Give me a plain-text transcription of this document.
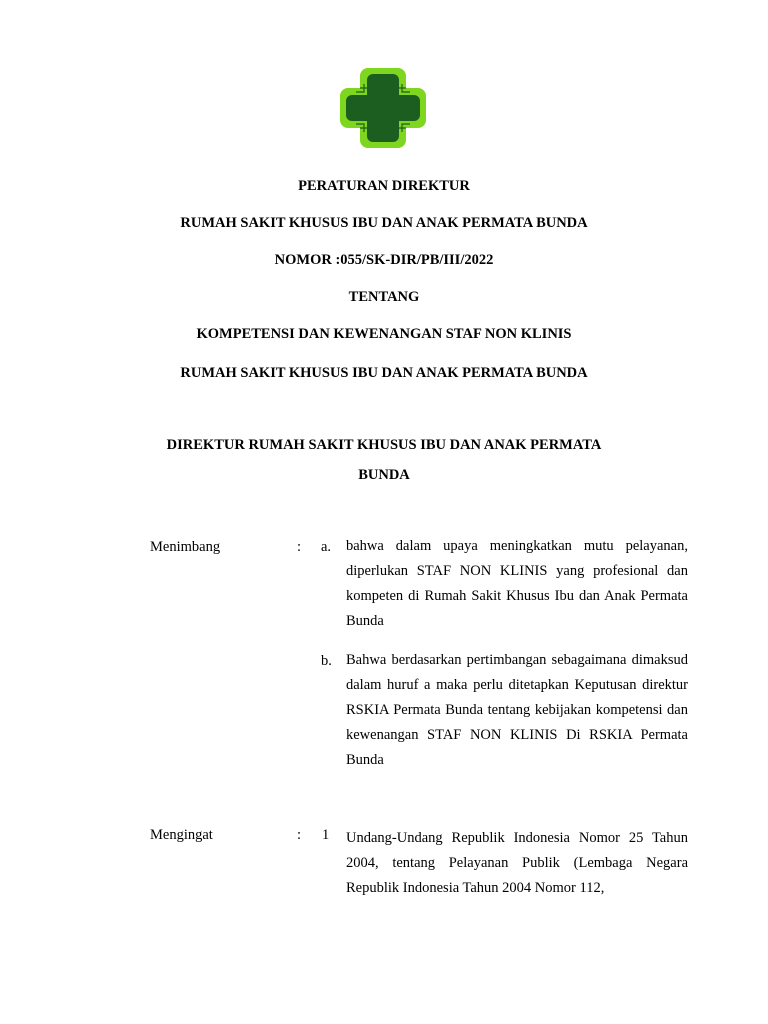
PERATURAN DIREKTUR
RUMAH SAKIT KHUSUS IBU DAN ANAK PERMATA BUNDA
NOMOR :055/SK-DIR/PB/III/2022
TENTANG
KOMPETENSI DAN KEWENANGAN STAF NON KLINIS
RUMAH SAKIT KHUSUS IBU DAN ANAK PERMATA BUNDA
DIREKTUR RUMAH SAKIT KHUSUS IBU DAN ANAK PERMATA BUNDA
Menimbang	: a. bahwa dalam upaya meningkatkan mutu pelayanan, diperlukan STAF NON KLINIS yang profesional dan kompeten di Rumah Sakit Khusus Ibu dan Anak Permata Bunda
b. Bahwa berdasarkan pertimbangan sebagaimana dimaksud dalam huruf a maka perlu ditetapkan Keputusan direktur RSKIA Permata Bunda tentang kebijakan kompetensi dan kewenangan STAF NON KLINIS Di RSKIA Permata Bunda
Mengingat	: 1 Undang-Undang Republik Indonesia Nomor 25 Tahun 2004, tentang Pelayanan Publik (Lembaga Negara Republik Indonesia Tahun 2004 Nomor 112,
